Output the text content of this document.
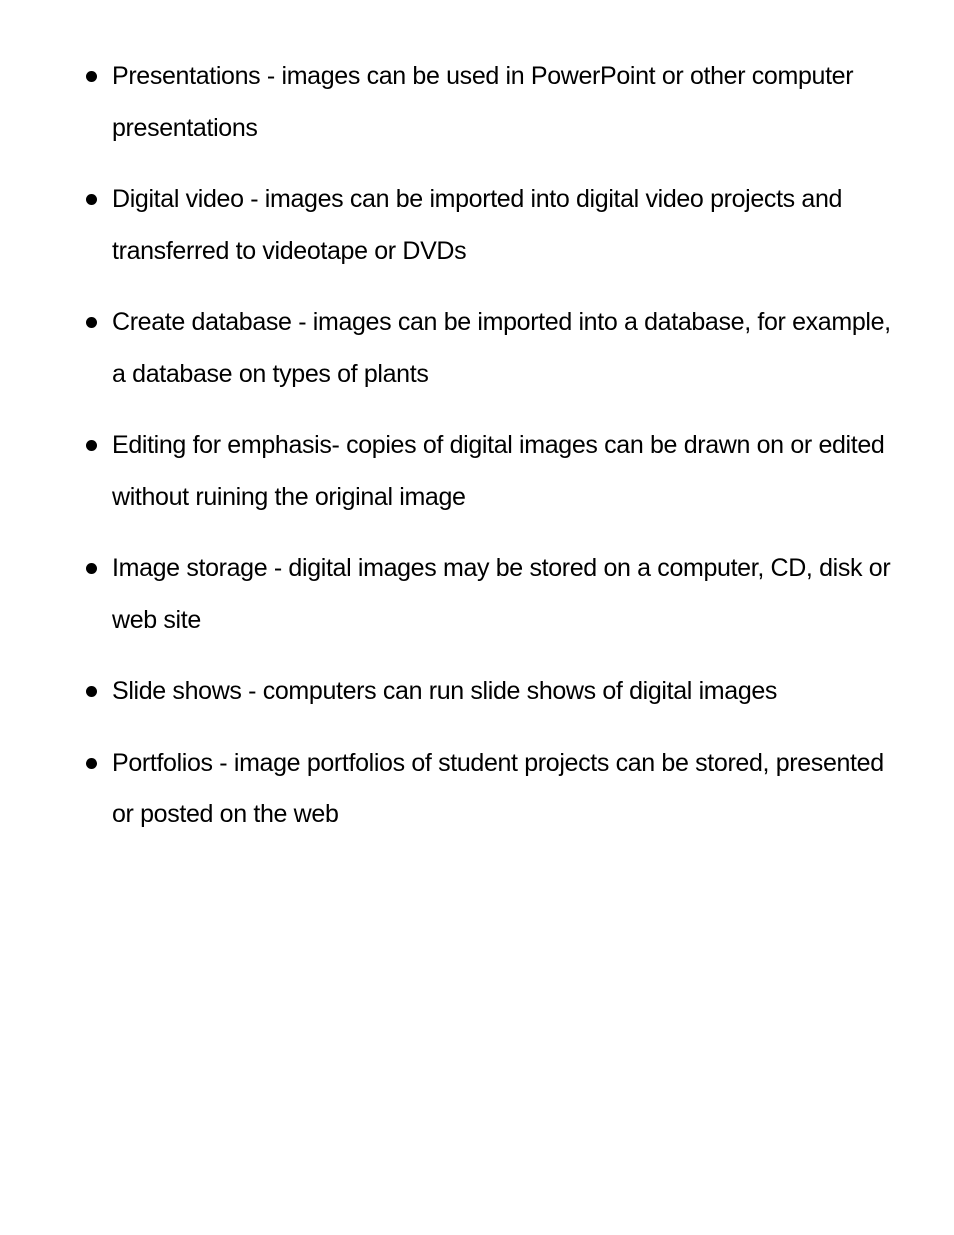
Presentations - images can be used in PowerPoint or other computer presentations
Digital video - images can be imported into digital video projects and transferred to videotape or DVDs
Create database - images can be imported into a database, for example, a database on types of plants
Editing for emphasis- copies of digital images can be drawn on or edited without ruining the original image
Image storage - digital images may be stored on a computer, CD, disk or web site
Slide shows - computers can run slide shows of digital images
Portfolios - image portfolios of student projects can be stored, presented or posted on the web
